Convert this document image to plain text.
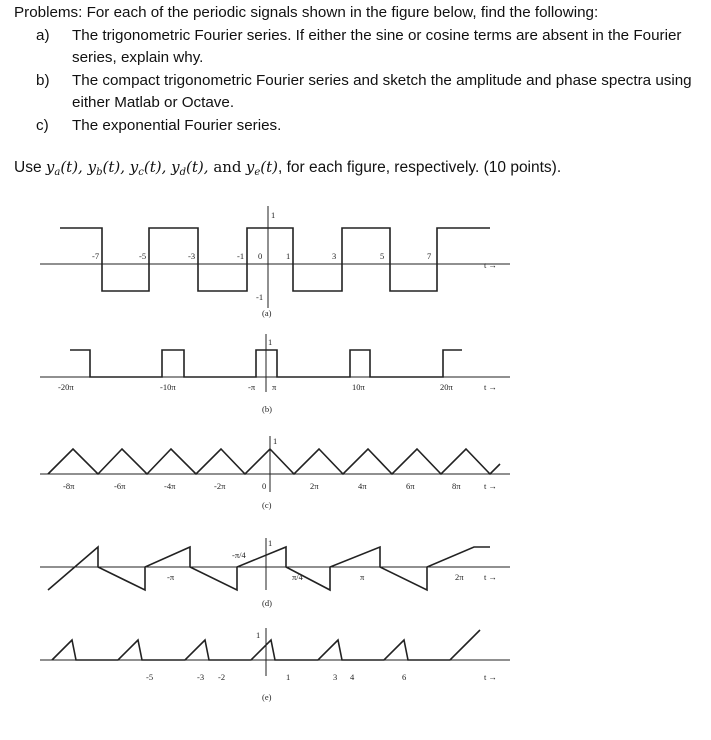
Problems: For each of the periodic signals shown in the figure below, find the following:

a)	The trigonometric Fourier series. If either the sine or cosine terms are absent in the Fourier series, explain why.
b)	The compact trigonometric Fourier series and sketch the amplitude and phase spectra using either Matlab or Octave.
c)	The exponential Fourier series.
Use $y_a(t)$, $y_b(t)$, $y_c(t)$, $y_d(t)$, and $y_e(t)$, for each figure, respectively. (10 points).
1
-1
-7	-5	-3	-1 0	1	3	5	7
t →
(a)
1
-20π	-10π	-π π	10π	20π	t →
(b)
1
-8π	-6π	-4π	-2π	0	2π	4π	6π	8π	t →
(c)
1
-π/4
π/4
-π	π	2π t →
(d)
1
-5	-3 -2	1	3 4	6	t →
(e)
